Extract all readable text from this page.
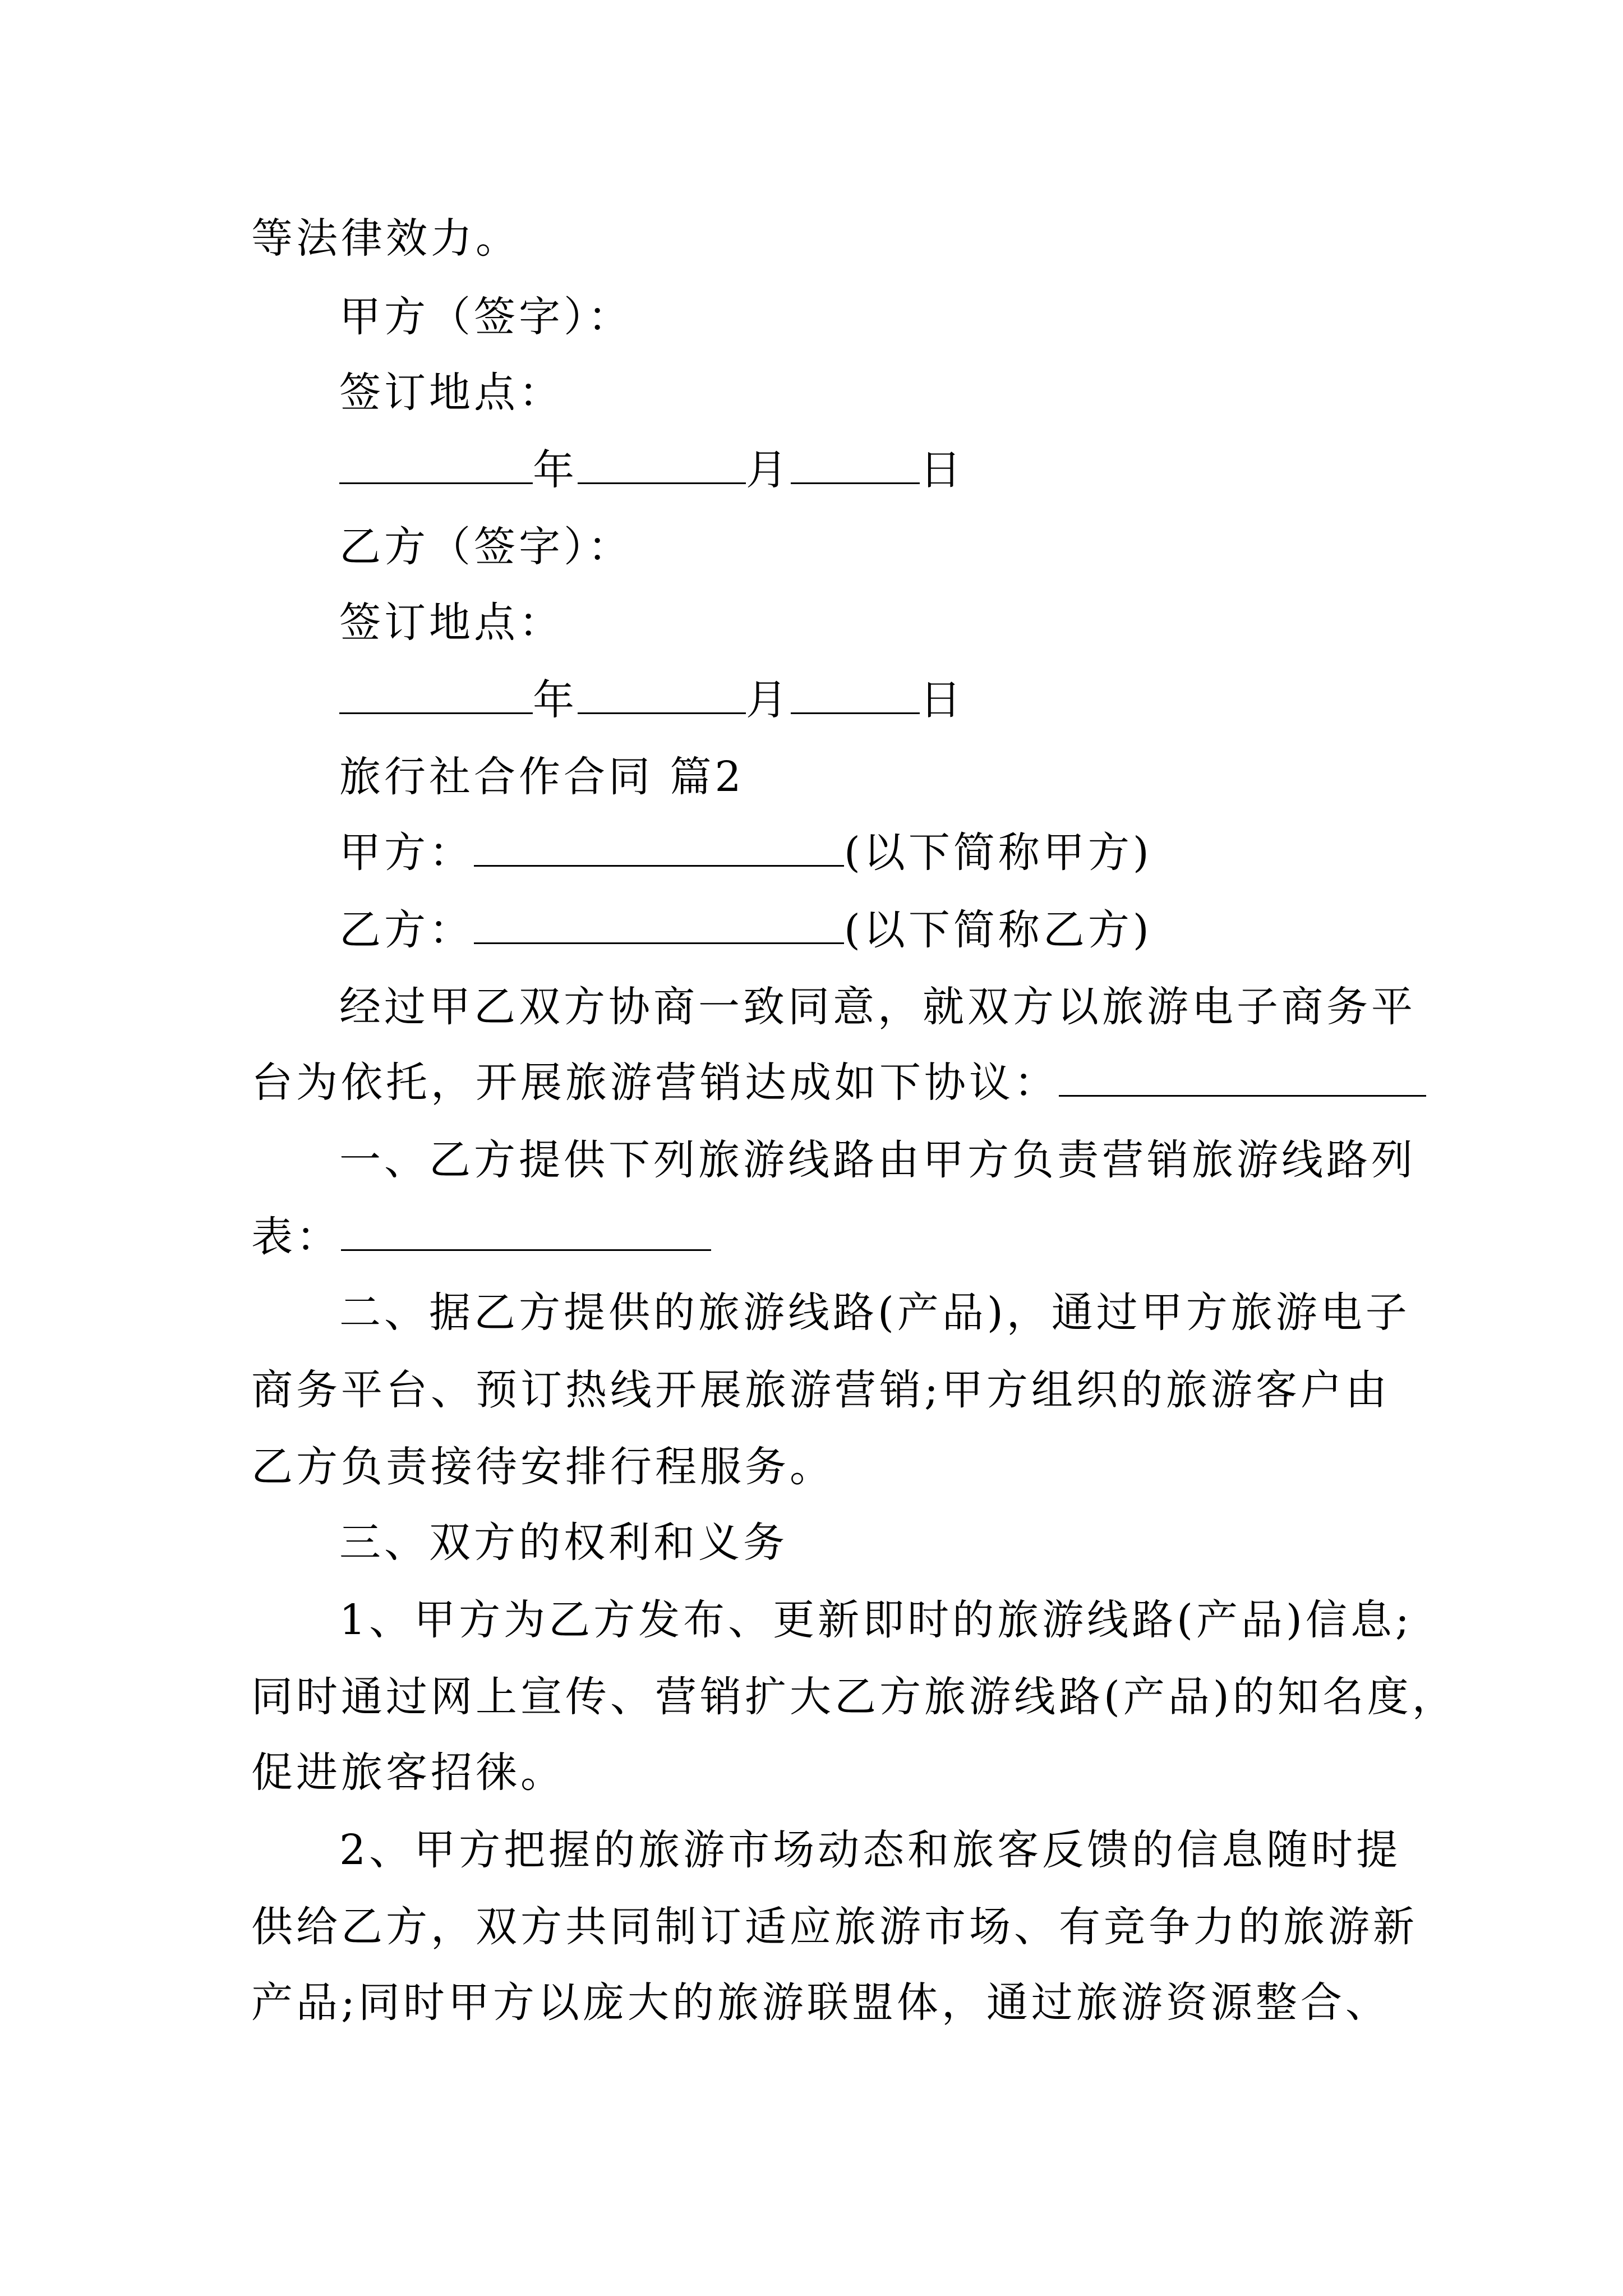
等法律效力。
甲方（签字）：
签订地点：
年	月	日
乙方（签字）：
签订地点：
年	月	日
旅行社合作合同 篇2
甲方：	(以下简称甲方)
乙方：	(以下简称乙方)
经过甲乙双方协商一致同意，就双方以旅游电子商务平
台为依托，开展旅游营销达成如下协议：
一、乙方提供下列旅游线路由甲方负责营销旅游线路列
表：
二、据乙方提供的旅游线路(产品)，通过甲方旅游电子
商务平台、预订热线开展旅游营销;甲方组织的旅游客户由
乙方负责接待安排行程服务。
三、双方的权利和义务
1、甲方为乙方发布、更新即时的旅游线路(产品)信息;
同时通过网上宣传、营销扩大乙方旅游线路(产品)的知名度，
促进旅客招徕。
2、甲方把握的旅游市场动态和旅客反馈的信息随时提
供给乙方，双方共同制订适应旅游市场、有竞争力的旅游新
产品;同时甲方以庞大的旅游联盟体，通过旅游资源整合、
